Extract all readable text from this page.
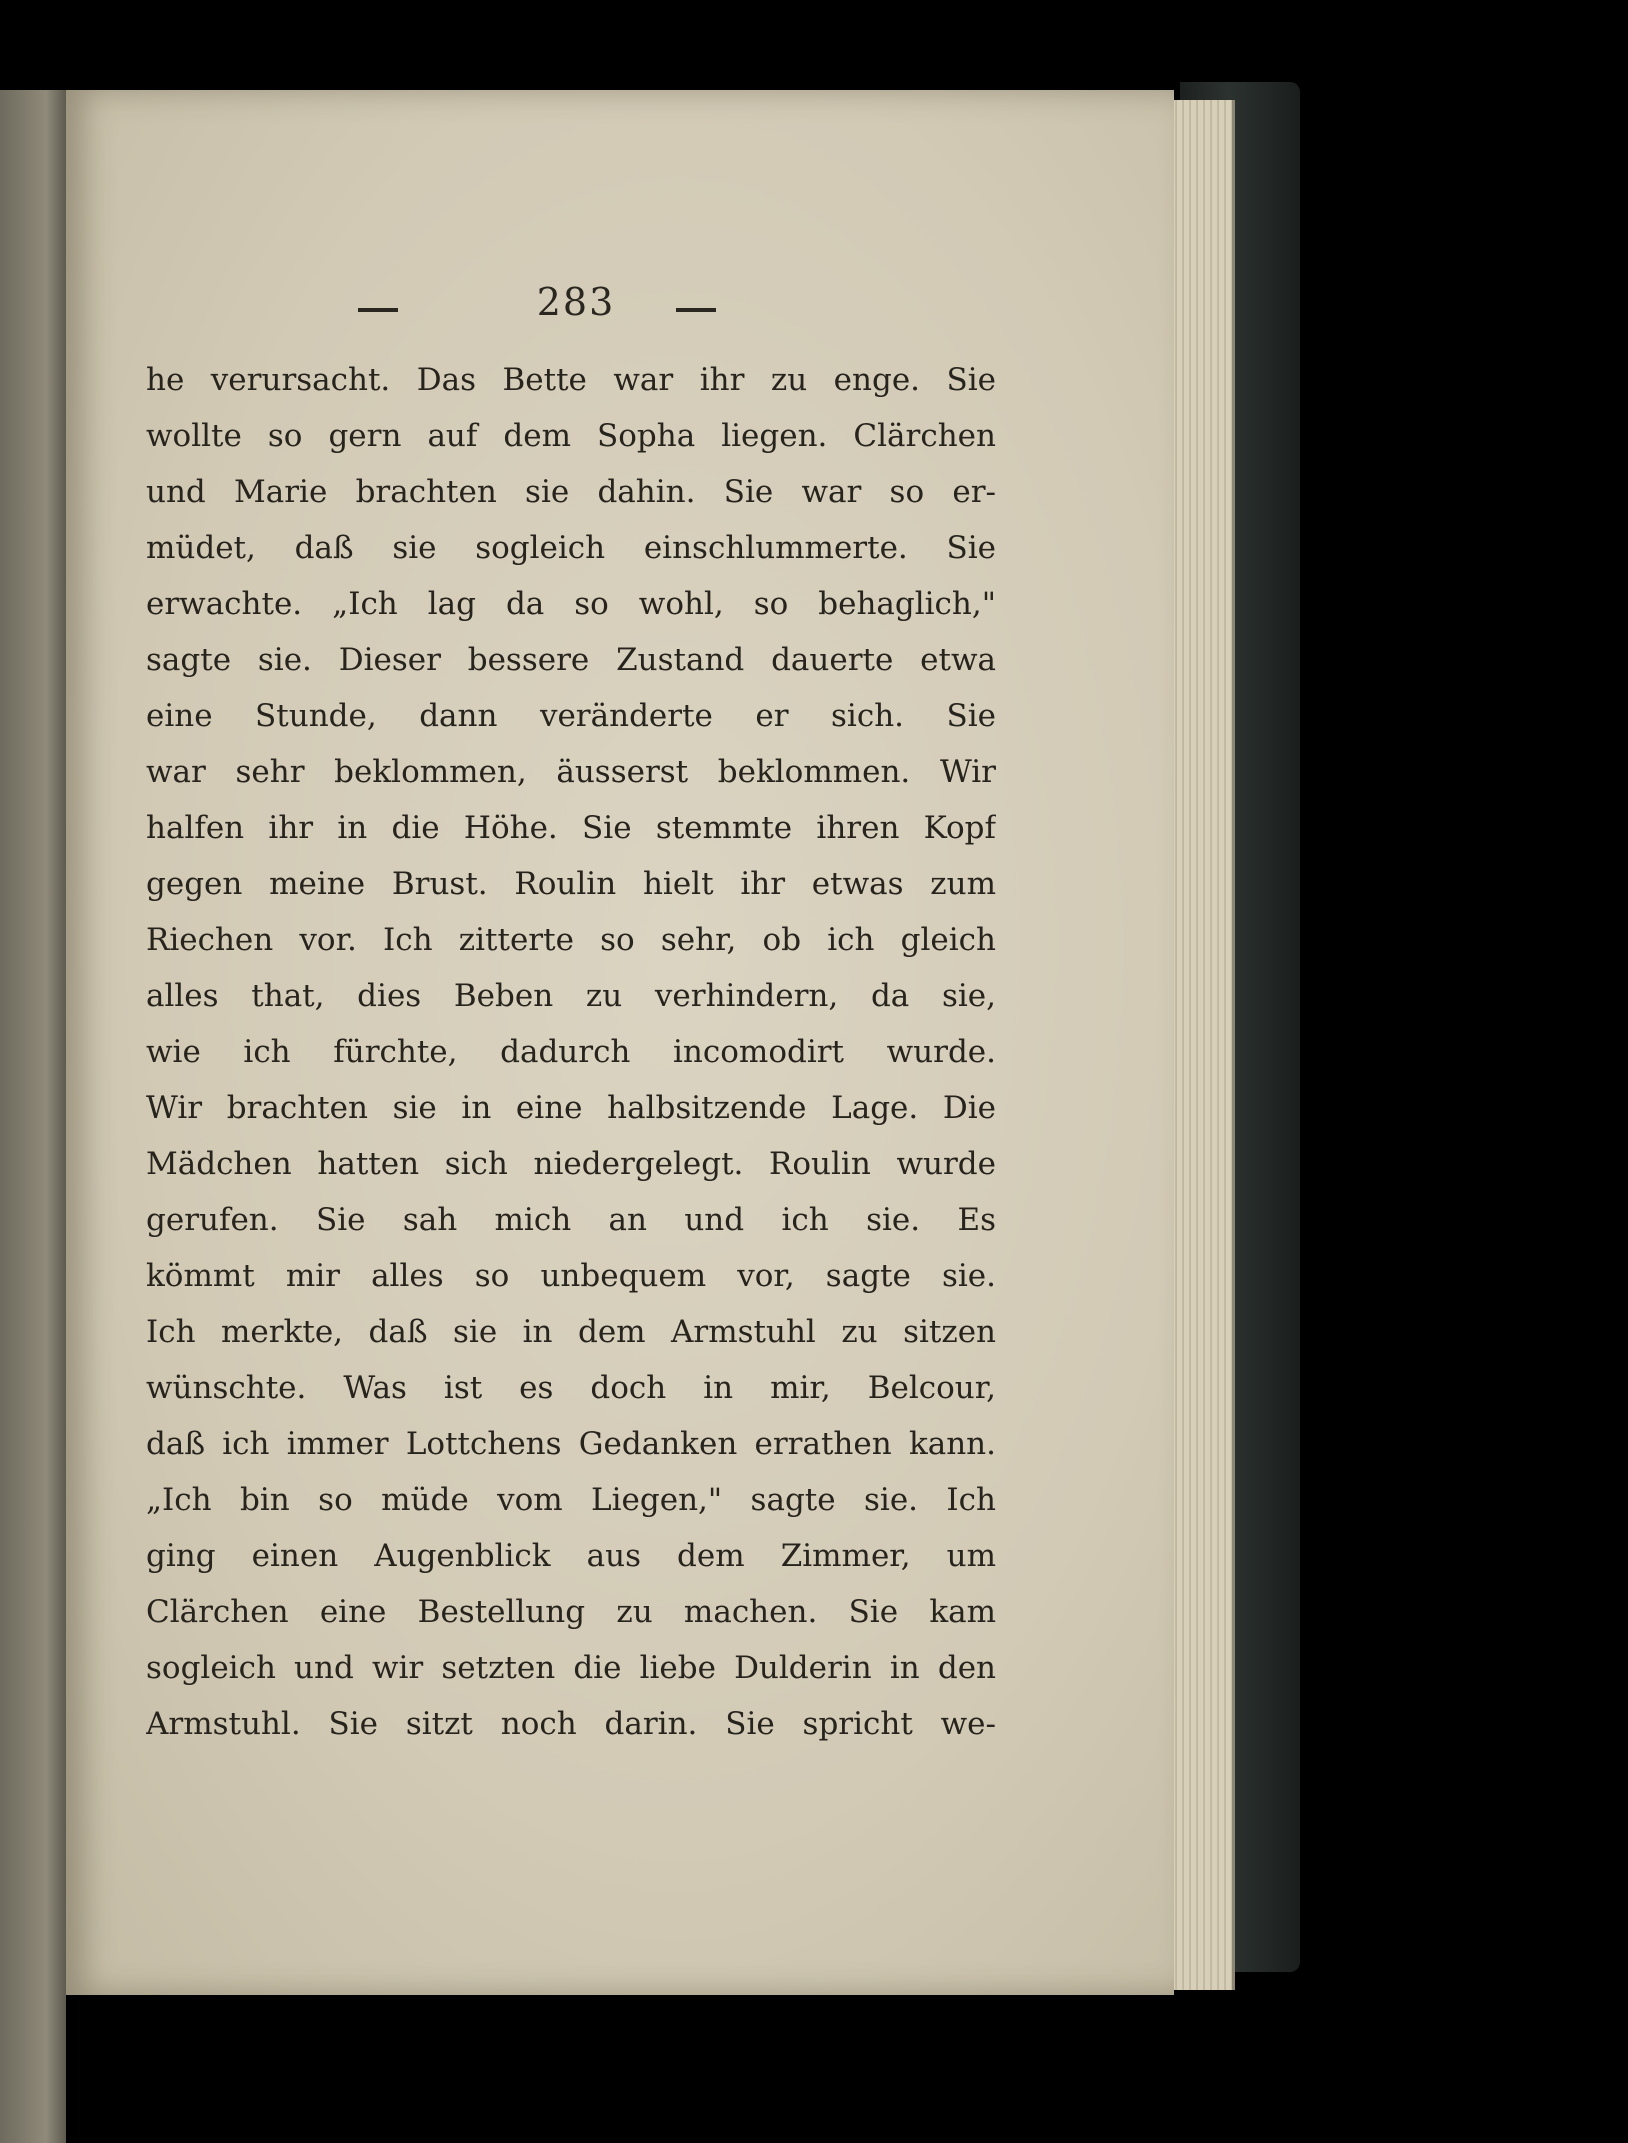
283
he verursacht. Das Bette war ihr zu enge. Sie
wollte so gern auf dem Sopha liegen. Clärchen
und Marie brachten sie dahin. Sie war so er-
müdet, daß sie sogleich einschlummerte. Sie
erwachte. „Ich lag da so wohl, so behaglich,"
sagte sie. Dieser bessere Zustand dauerte etwa
eine Stunde, dann veränderte er sich. Sie
war sehr beklommen, äusserst beklommen. Wir
halfen ihr in die Höhe. Sie stemmte ihren Kopf
gegen meine Brust. Roulin hielt ihr etwas zum
Riechen vor. Ich zitterte so sehr, ob ich gleich
alles that, dies Beben zu verhindern, da sie,
wie ich fürchte, dadurch incomodirt wurde.
Wir brachten sie in eine halbsitzende Lage. Die
Mädchen hatten sich niedergelegt. Roulin wurde
gerufen. Sie sah mich an und ich sie. Es
kömmt mir alles so unbequem vor, sagte sie.
Ich merkte, daß sie in dem Armstuhl zu sitzen
wünschte. Was ist es doch in mir, Belcour,
daß ich immer Lottchens Gedanken errathen kann.
„Ich bin so müde vom Liegen," sagte sie. Ich
ging einen Augenblick aus dem Zimmer, um
Clärchen eine Bestellung zu machen. Sie kam
sogleich und wir setzten die liebe Dulderin in den
Armstuhl. Sie sitzt noch darin. Sie spricht we-
